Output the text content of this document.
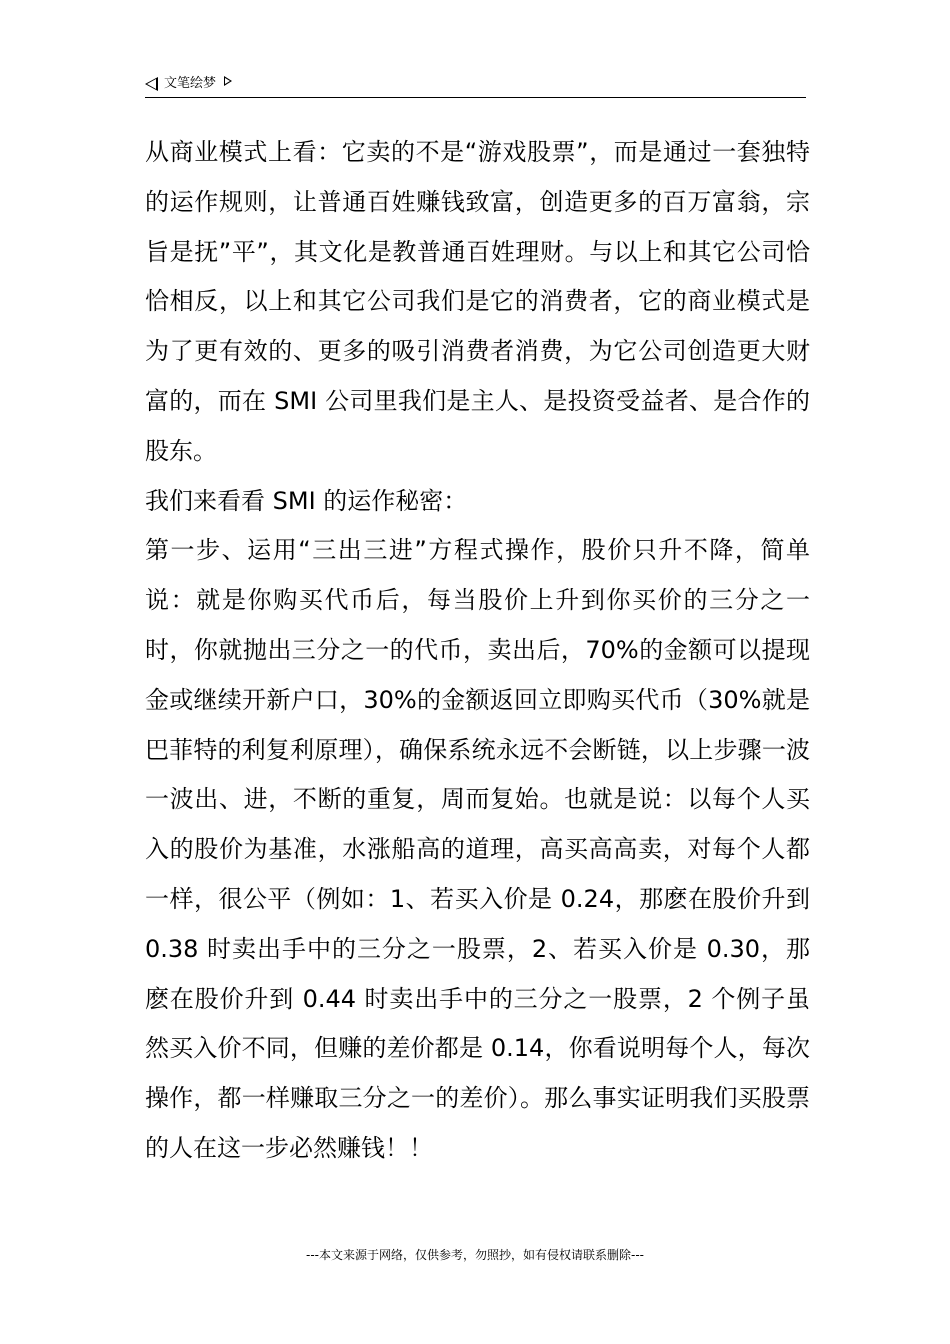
文笔绘梦

从商业模式上看：它卖的不是“游戏股票”，而是通过一套独特的运作规则，让普通百姓赚钱致富，创造更多的百万富翁，宗旨是抚”平”，其文化是教普通百姓理财。与以上和其它公司恰恰相反，以上和其它公司我们是它的消费者，它的商业模式是为了更有效的、更多的吸引消费者消费，为它公司创造更大财富的，而在 SMI 公司里我们是主人、是投资受益者、是合作的股东。

我们来看看 SMI 的运作秘密：

第一步、运用“三出三进”方程式操作，股价只升不降，简单说：就是你购买代币后，每当股价上升到你买价的三分之一时，你就抛出三分之一的代币，卖出后，70%的金额可以提现金或继续开新户口，30%的金额返回立即购买代币（30%就是巴菲特的利复利原理），确保系统永远不会断链，以上步骤一波一波出、进，不断的重复，周而复始。也就是说：以每个人买入的股价为基准，水涨船高的道理，高买高高卖，对每个人都一样，很公平（例如：1、若买入价是 0.24，那麽在股价升到 0.38 时卖出手中的三分之一股票，2、若买入价是 0.30，那麽在股价升到 0.44 时卖出手中的三分之一股票，2 个例子虽然买入价不同，但赚的差价都是 0.14，你看说明每个人，每次操作，都一样赚取三分之一的差价）。那么事实证明我们买股票的人在这一步必然赚钱！！

---本文来源于网络，仅供参考，勿照抄，如有侵权请联系删除---
